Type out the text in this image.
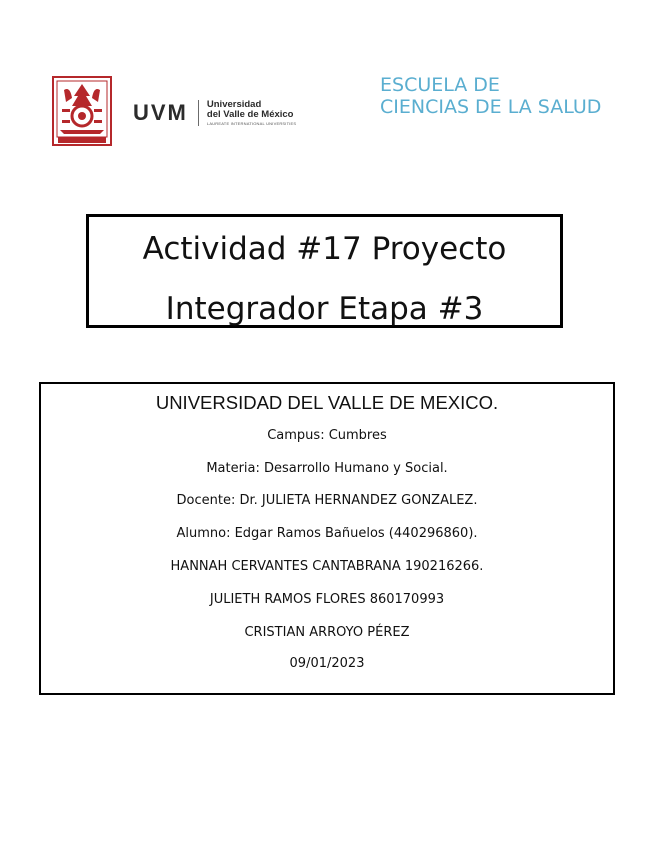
UVM Universidad
del Valle de México
LAUREATE INTERNATIONAL UNIVERSITIES
ESCUELA DE
CIENCIAS DE LA SALUD
Actividad #17 Proyecto
Integrador Etapa #3
UNIVERSIDAD DEL VALLE DE MEXICO.
Campus: Cumbres
Materia: Desarrollo Humano y Social.
Docente: Dr. JULIETA HERNANDEZ GONZALEZ.
Alumno: Edgar Ramos Bañuelos (440296860).
HANNAH CERVANTES CANTABRANA 190216266.
JULIETH RAMOS FLORES 860170993
CRISTIAN ARROYO PÉREZ
09/01/2023
